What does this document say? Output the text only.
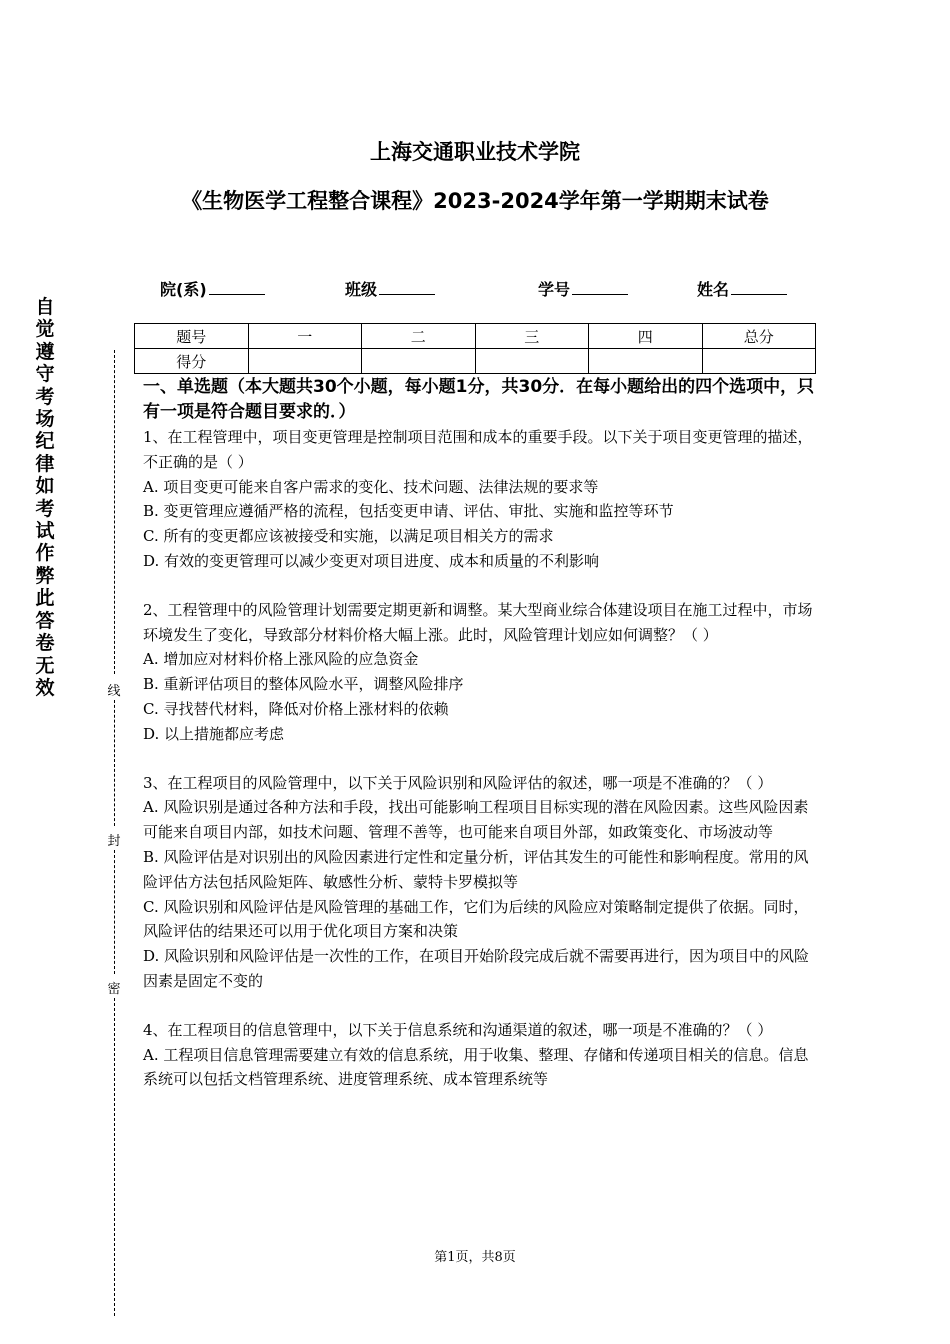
上海交通职业技术学院
《生物医学工程整合课程》2023-2024学年第一学期期末试卷
院(系)	班级	学号	姓名
题号	一	二	三	四	总分
得分					
自觉遵守考场纪律如考试作弊此答卷无效	线
封
密

一、单选题（本大题共30个小题，每小题1分，共30分．在每小题给出的四个选项中，只有一项是符合题目要求的．）

1、在工程管理中，项目变更管理是控制项目范围和成本的重要手段。以下关于项目变更管理的描述，不正确的是（ ）

A. 项目变更可能来自客户需求的变化、技术问题、法律法规的要求等

B. 变更管理应遵循严格的流程，包括变更申请、评估、审批、实施和监控等环节

C. 所有的变更都应该被接受和实施，以满足项目相关方的需求

D. 有效的变更管理可以减少变更对项目进度、成本和质量的不利影响

2、工程管理中的风险管理计划需要定期更新和调整。某大型商业综合体建设项目在施工过程中，市场环境发生了变化，导致部分材料价格大幅上涨。此时，风险管理计划应如何调整？（ ）

A. 增加应对材料价格上涨风险的应急资金

B. 重新评估项目的整体风险水平，调整风险排序

C. 寻找替代材料，降低对价格上涨材料的依赖

D. 以上措施都应考虑

3、在工程项目的风险管理中，以下关于风险识别和风险评估的叙述，哪一项是不准确的？（ ）

A. 风险识别是通过各种方法和手段，找出可能影响工程项目目标实现的潜在风险因素。这些风险因素可能来自项目内部，如技术问题、管理不善等，也可能来自项目外部，如政策变化、市场波动等

B. 风险评估是对识别出的风险因素进行定性和定量分析，评估其发生的可能性和影响程度。常用的风险评估方法包括风险矩阵、敏感性分析、蒙特卡罗模拟等

C. 风险识别和风险评估是风险管理的基础工作，它们为后续的风险应对策略制定提供了依据。同时，风险评估的结果还可以用于优化项目方案和决策

D. 风险识别和风险评估是一次性的工作，在项目开始阶段完成后就不需要再进行，因为项目中的风险因素是固定不变的

4、在工程项目的信息管理中，以下关于信息系统和沟通渠道的叙述，哪一项是不准确的？（ ）

A. 工程项目信息管理需要建立有效的信息系统，用于收集、整理、存储和传递项目相关的信息。信息系统可以包括文档管理系统、进度管理系统、成本管理系统等

第1页，共8页
